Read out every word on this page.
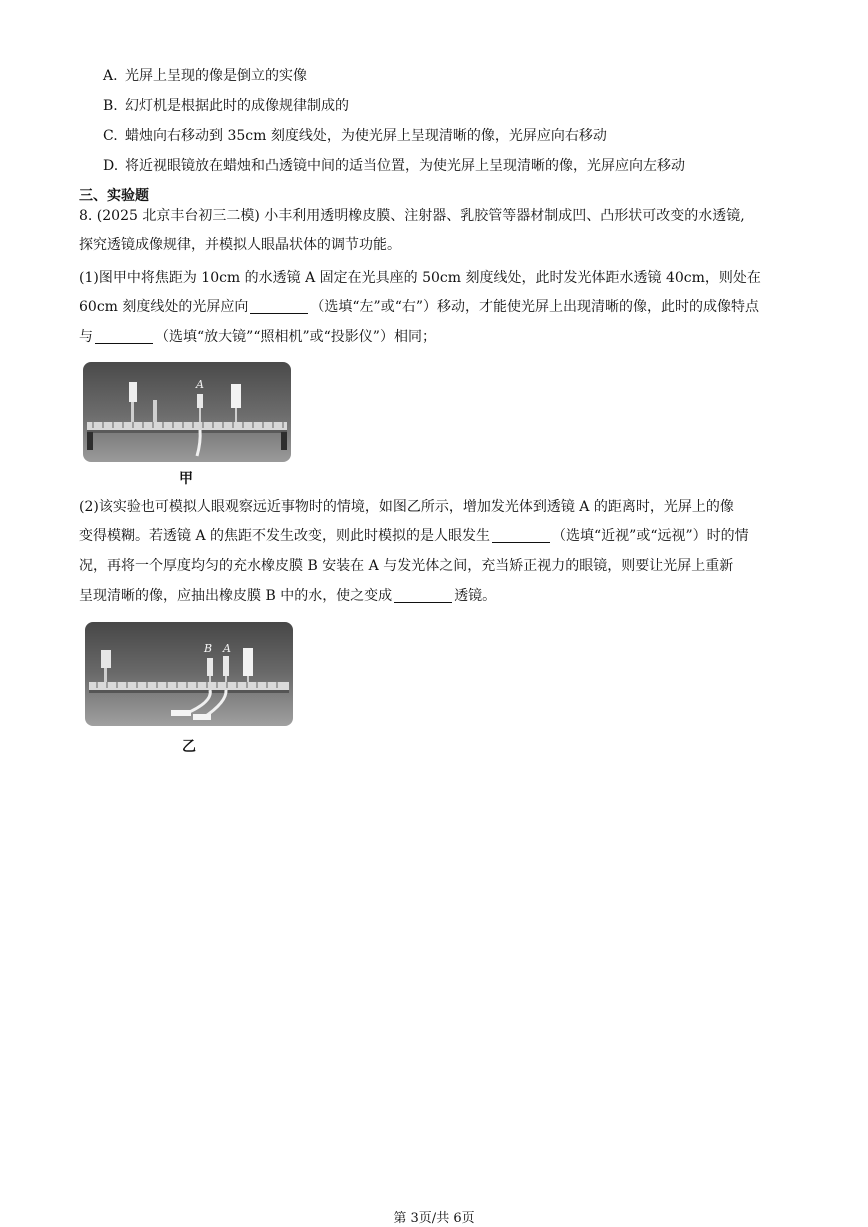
A. 光屏上呈现的像是倒立的实像
B. 幻灯机是根据此时的成像规律制成的
C. 蜡烛向右移动到 35cm 刻度线处，为使光屏上呈现清晰的像，光屏应向右移动
D. 将近视眼镜放在蜡烛和凸透镜中间的适当位置，为使光屏上呈现清晰的像，光屏应向左移动
三、实验题
8. (2025 北京丰台初三二模) 小丰利用透明橡皮膜、注射器、乳胶管等器材制成凹、凸形状可改变的水透镜,
探究透镜成像规律，并模拟人眼晶状体的调节功能。
(1)图甲中将焦距为 10cm 的水透镜 A 固定在光具座的 50cm 刻度线处，此时发光体距水透镜 40cm，则处在
60cm 刻度线处的光屏应向	（选填“左”或“右”）移动，才能使光屏上出现清晰的像，此时的成像特点
与	（选填“放大镜”“照相机”或“投影仪”）相同；
A
甲
(2)该实验也可模拟人眼观察远近事物时的情境，如图乙所示，增加发光体到透镜 A 的距离时，光屏上的像
变得模糊。若透镜 A 的焦距不发生改变，则此时模拟的是人眼发生	（选填“近视”或“远视”）时的情
况，再将一个厚度均匀的充水橡皮膜 B 安装在 A 与发光体之间，充当矫正视力的眼镜，则要让光屏上重新
呈现清晰的像，应抽出橡皮膜 B 中的水，使之变成	透镜。
B A
乙
第 3页/共 6页
